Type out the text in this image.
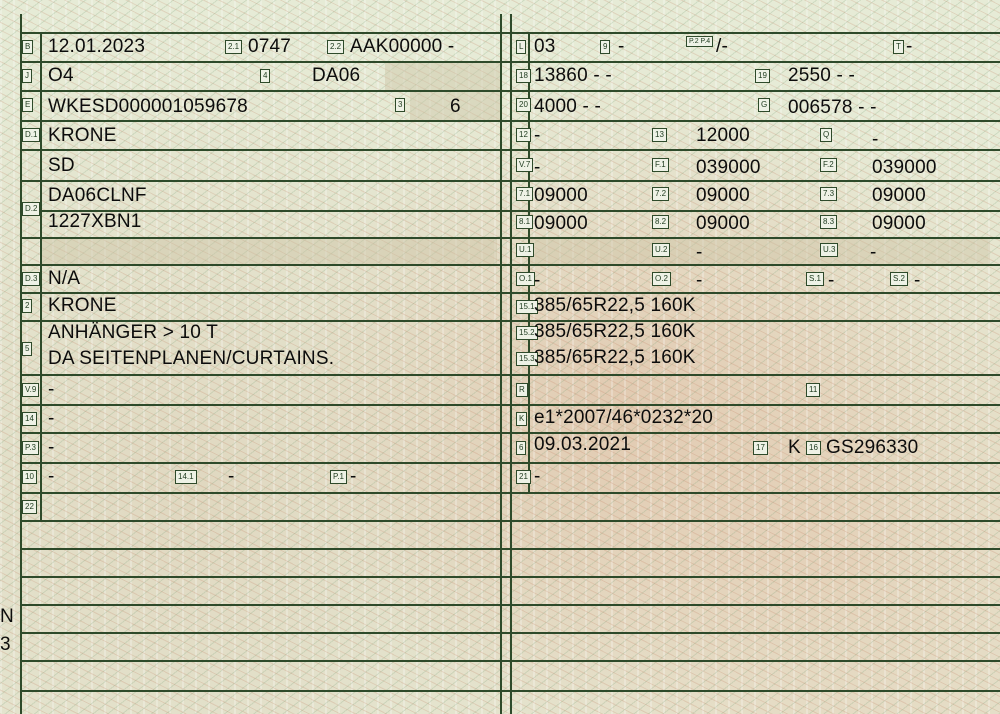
B 12.01.2023	2.1 0747	2.2 AAK00000 -
J O4	4 DA06
E WKESD000001059678	3	6
D.1 KRONE
D.2
SD
DA06CLNF
1227XBN1
D.3 N/A
2 KRONE
5
ANHÄNGER > 10 T
DA SEITENPLANEN/CURTAINS.
V.9 -
14 -
P.3 -
10 -	14.1 -	P.1 -
22
L 03	9 -	P.2 P.4 /-	T -
18 13860 - -	19 2550 - -
20 4000 - -	G 006578 - -
12 -	13 12000	Q -
V.7 -	F.1 039000	F.2 039000
7.1 09000	7.2 09000	7.3 09000
8.1 09000	8.2 09000	8.3 09000
U.1	U.2 -	U.3 -
O.1 -	O.2 -	S.1 -	S.2 -
15.1 385/65R22,5 160K
15.2 385/65R22,5 160K
15.3 385/65R22,5 160K
R	11
K e1*2007/46*0232*20
6 09.03.2021	17 K	16 GS296330
21 -
N
3
